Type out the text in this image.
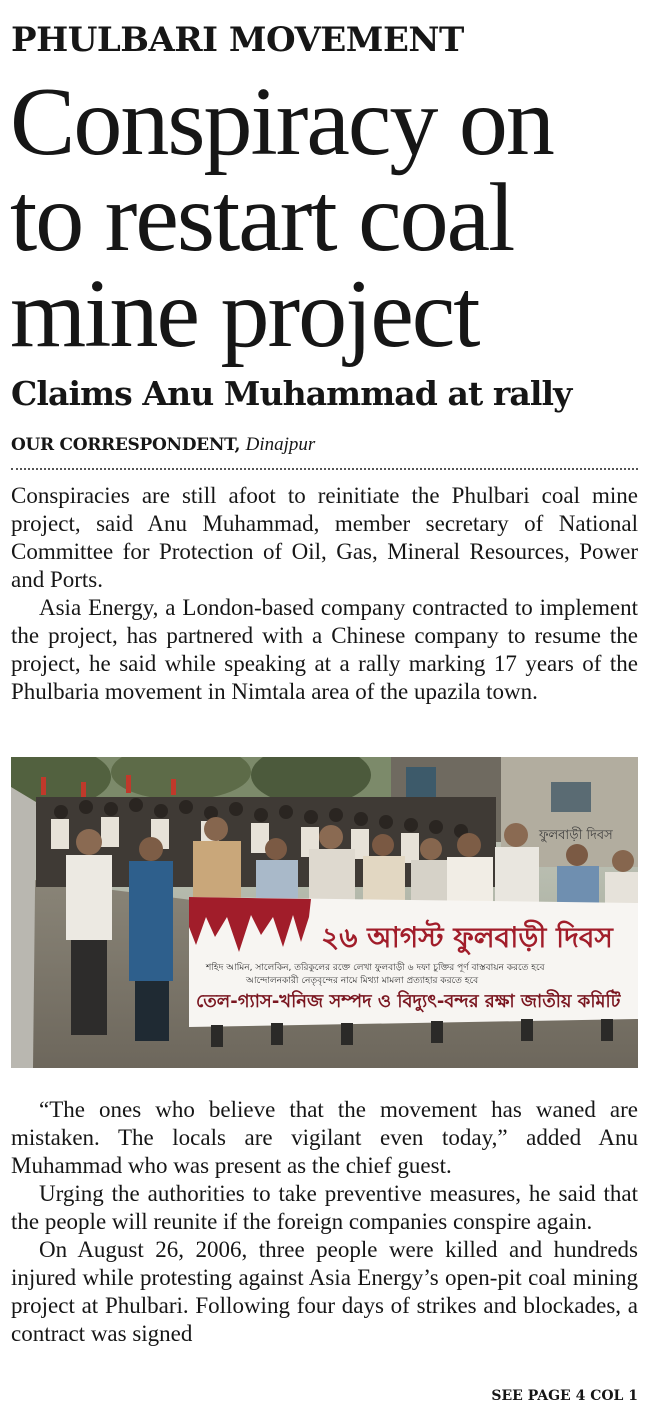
PHULBARI MOVEMENT
Conspiracy on
to restart coal
mine project
Claims Anu Muhammad at rally
OUR CORRESPONDENT, Dinajpur

Conspiracies are still afoot to reinitiate the Phulbari coal mine project, said Anu Muhammad, member secretary of National Committee for Protection of Oil, Gas, Mineral Resources, Power and Ports.

Asia Energy, a London-based company contracted to implement the project, has partnered with a Chinese company to resume the project, he said while speaking at a rally marking 17 years of the Phulbaria movement in Nimtala area of the upazila town.

ফুলবাড়ী দিবস
২৬ আগস্ট ফুলবাড়ী দিবস
শহিদ আমিন, সালেকিন, তরিকুলের রক্তে লেখা ফুলবাড়ী ৬ দফা চুক্তির পূর্ণ বাস্তবায়ন করতে হবে
আন্দোলনকারী নেতৃবৃন্দের নামে মিথ্যা মামলা প্রত্যাহার করতে হবে
তেল-গ্যাস-খনিজ সম্পদ ও বিদ্যুৎ-বন্দর রক্ষা জাতীয় কমিটি

“The ones who believe that the movement has waned are mistaken. The locals are vigilant even today,” added Anu Muhammad who was present as the chief guest.

Urging the authorities to take preventive measures, he said that the people will reunite if the foreign companies conspire again.

On August 26, 2006, three people were killed and hundreds injured while protesting against Asia Energy’s open-pit coal mining project at Phulbari. Following four days of strikes and blockades, a contract was signed

SEE PAGE 4 COL 1
